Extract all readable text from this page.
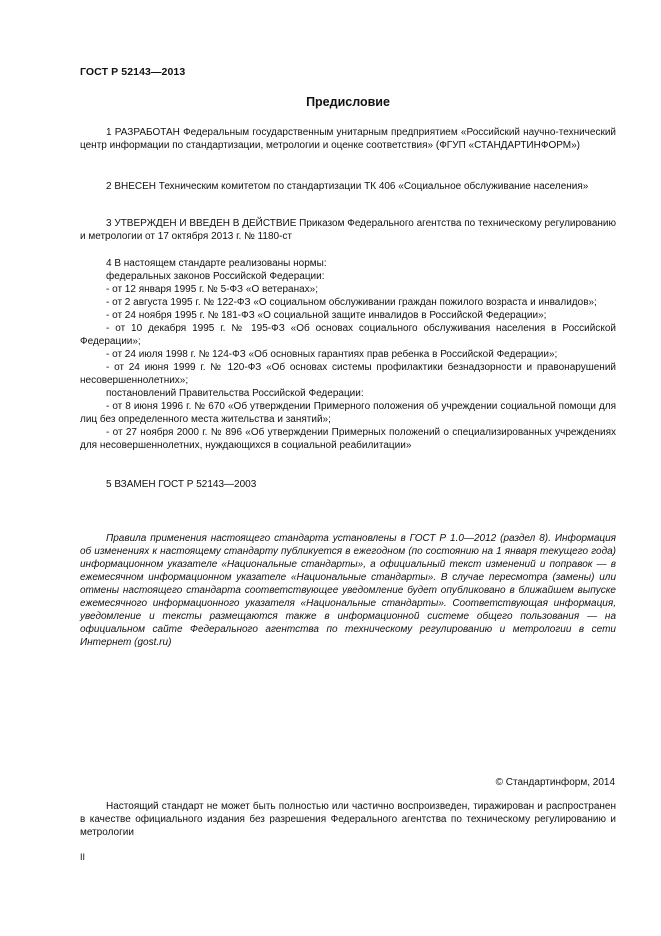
ГОСТ Р 52143—2013
Предисловие
1 РАЗРАБОТАН Федеральным государственным унитарным предприятием «Российский научно-технический центр информации по стандартизации, метрологии и оценке соответствия» (ФГУП «СТАНДАРТИНФОРМ»)
2 ВНЕСЕН Техническим комитетом по стандартизации ТК 406 «Социальное обслуживание населения»
3 УТВЕРЖДЕН И ВВЕДЕН В ДЕЙСТВИЕ Приказом Федерального агентства по техническому регулированию и метрологии от 17 октября 2013 г. № 1180-ст
4 В настоящем стандарте реализованы нормы:
федеральных законов Российской Федерации:
- от 12 января 1995 г. № 5-ФЗ «О ветеранах»;
- от 2 августа 1995 г. № 122-ФЗ «О социальном обслуживании граждан пожилого возраста и инвалидов»;
- от 24 ноября 1995 г. № 181-ФЗ «О социальной защите инвалидов в Российской Федерации»;
- от 10 декабря 1995 г. № 195-ФЗ «Об основах социального обслуживания населения в Российской Федерации»;
- от 24 июля 1998 г. № 124-ФЗ «Об основных гарантиях прав ребенка в Российской Федерации»;
- от 24 июня 1999 г. № 120-ФЗ «Об основах системы профилактики безнадзорности и правонарушений несовершеннолетних»;
постановлений Правительства Российской Федерации:
- от 8 июня 1996 г. № 670 «Об утверждении Примерного положения об учреждении социальной помощи для лиц без определенного места жительства и занятий»;
- от 27 ноября 2000 г. № 896 «Об утверждении Примерных положений о специализированных учреждениях для несовершеннолетних, нуждающихся в социальной реабилитации»
5 ВЗАМЕН ГОСТ Р 52143—2003
Правила применения настоящего стандарта установлены в ГОСТ Р 1.0—2012 (раздел 8). Информация об изменениях к настоящему стандарту публикуется в ежегодном (по состоянию на 1 января текущего года) информационном указателе «Национальные стандарты», а официальный текст изменений и поправок — в ежемесячном информационном указателе «Национальные стандарты». В случае пересмотра (замены) или отмены настоящего стандарта соответствующее уведомление будет опубликовано в ближайшем выпуске ежемесячного информационного указателя «Национальные стандарты». Соответствующая информация, уведомление и тексты размещаются также в информационной системе общего пользования — на официальном сайте Федерального агентства по техническому регулированию и метрологии в сети Интернет (gost.ru)
© Стандартинформ, 2014
Настоящий стандарт не может быть полностью или частично воспроизведен, тиражирован и распространен в качестве официального издания без разрешения Федерального агентства по техническому регулированию и метрологии
II
